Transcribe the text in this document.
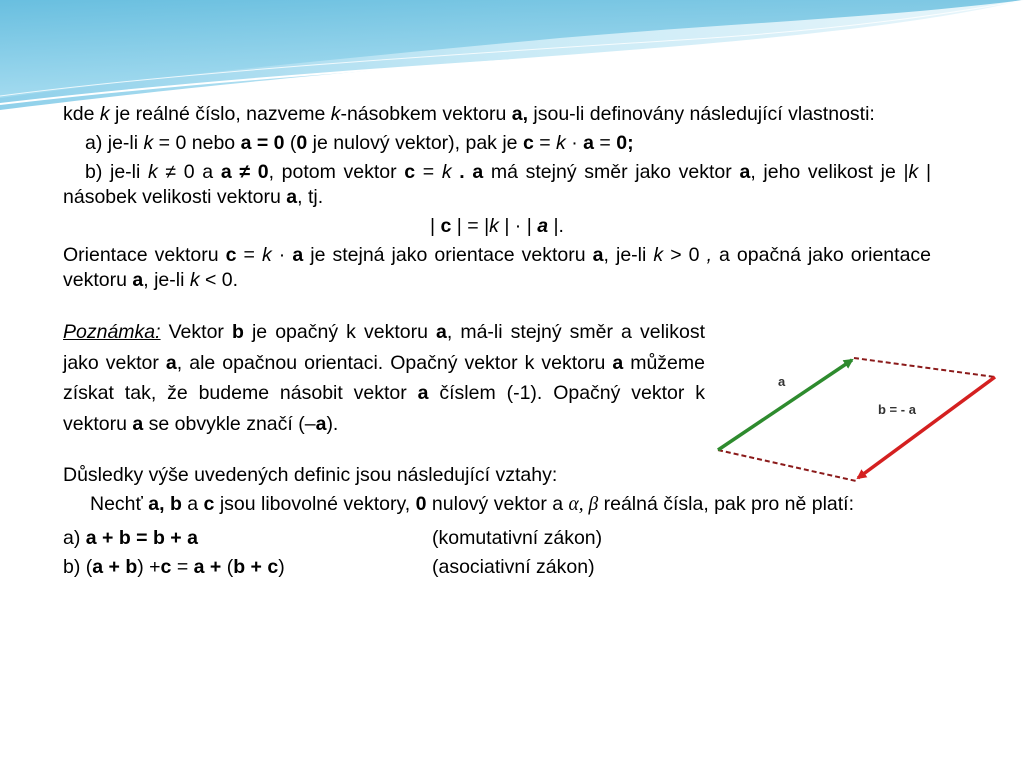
kde k je reálné číslo, nazveme k-násobkem vektoru a, jsou-li definovány následující vlastnosti:

a) je-li k = 0 nebo a = 0 (0 je nulový vektor), pak je c = k · a = 0;

b) je-li k ≠ 0 a a ≠ 0, potom vektor c = k . a má stejný směr jako vektor a, jeho velikost je |k | násobek velikosti vektoru a, tj.

| c | = |k | · | a |.

Orientace vektoru c = k · a je stejná jako orientace vektoru a, je-li k > 0 , a opačná jako orientace vektoru a, je-li k < 0.

Poznámka: Vektor b je opačný k vektoru a, má-li stejný směr a velikost jako vektor a, ale opačnou orientaci. Opačný vektor k vektoru a můžeme získat tak, že budeme násobit vektor a číslem (-1). Opačný vektor k vektoru a se obvykle značí (–a).

Důsledky výše uvedených definic jsou následující vztahy:

Nechť a, b a c jsou libovolné vektory, 0 nulový vektor a α, β reálná čísla, pak pro ně platí:

a) a + b = b + a	(komutativní zákon)
b) (a + b) +c = a + (b + c)	(asociativní zákon)
a
b = - a
